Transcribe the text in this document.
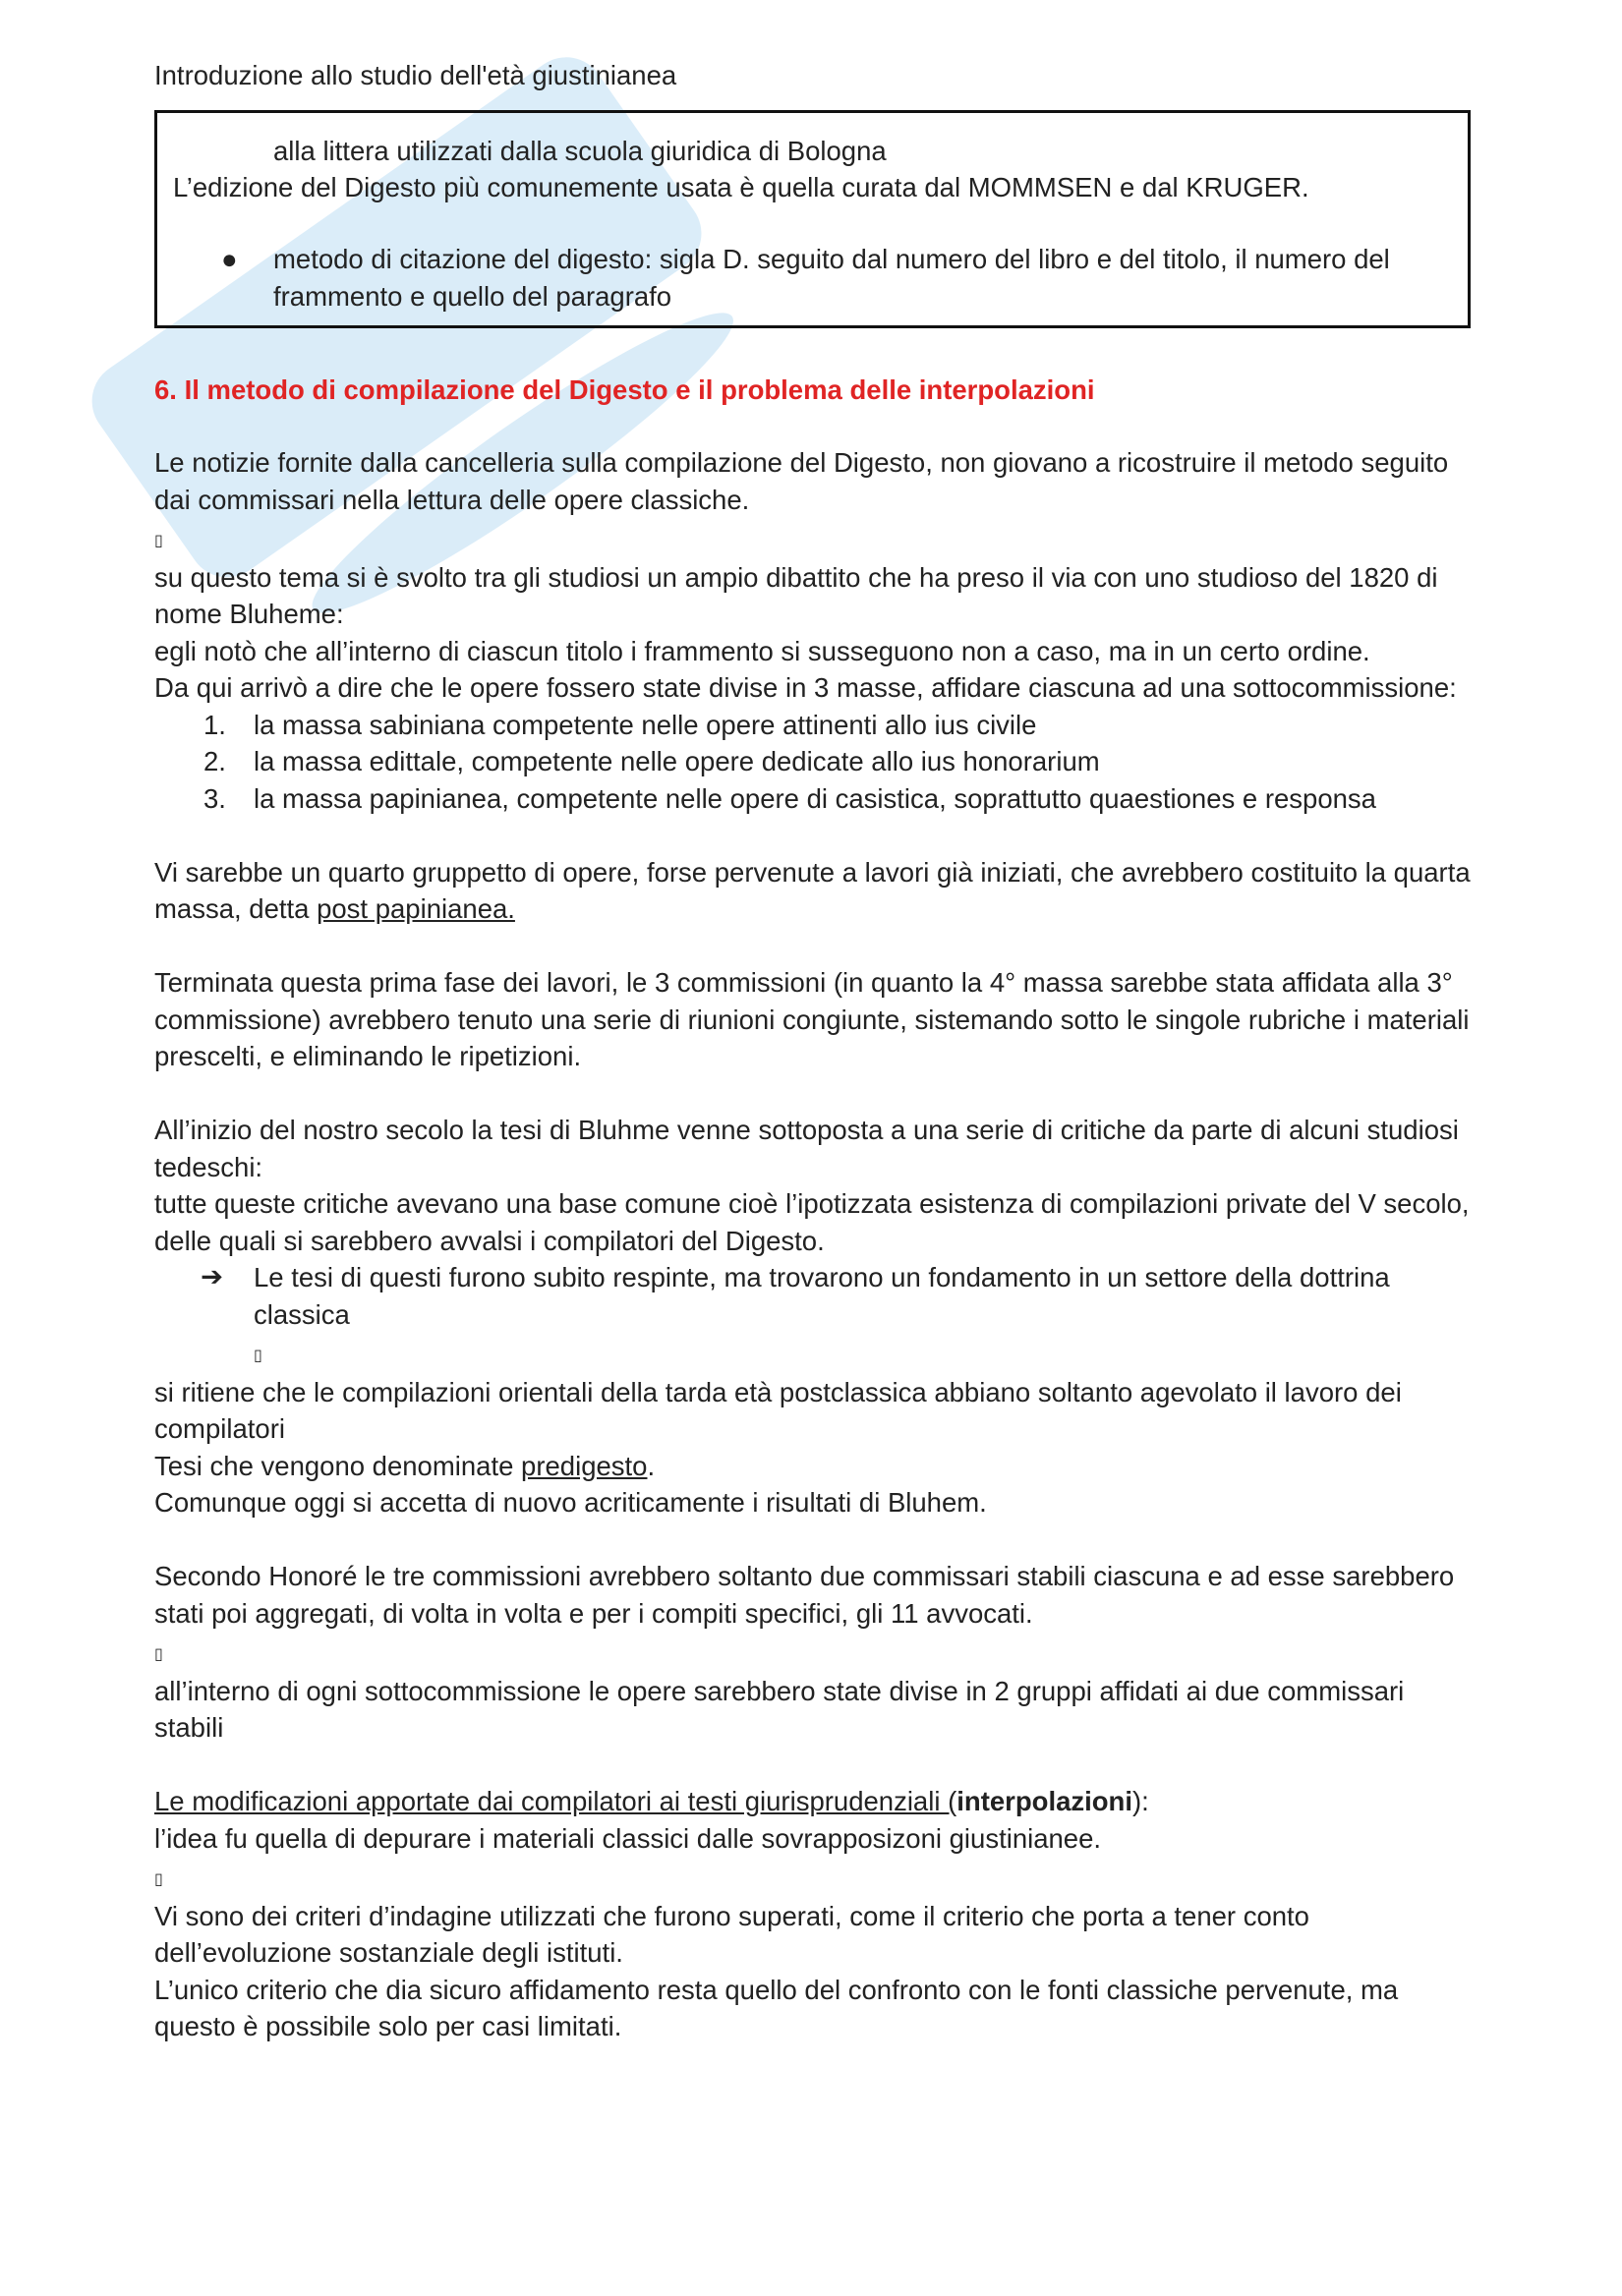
Introduzione allo studio dell'età giustinianea
alla littera utilizzati dalla scuola giuridica di Bologna
L’edizione del Digesto più comunemente usata è quella curata dal MOMMSEN e dal KRUGER.
● metodo di citazione del digesto: sigla D. seguito dal numero del libro e del titolo, il numero del frammento e quello del paragrafo
6. Il metodo di compilazione del Digesto e il problema delle interpolazioni

Le notizie fornite dalla cancelleria sulla compilazione del Digesto, non giovano a ricostruire il metodo seguito dai commissari nella lettura delle opere classiche.

▯

su questo tema si è svolto tra gli studiosi un ampio dibattito che ha preso il via con uno studioso del 1820 di nome Bluheme:

egli notò che all’interno di ciascun titolo i frammento si susseguono non a caso, ma in un certo ordine.

Da qui arrivò a dire che le opere fossero state divise in 3 masse, affidare ciascuna ad una sottocommissione:

1. la massa sabiniana competente nelle opere attinenti allo ius civile
2. la massa edittale, competente nelle opere dedicate allo ius honorarium
3. la massa papinianea, competente nelle opere di casistica, soprattutto quaestiones e responsa

Vi sarebbe un quarto gruppetto di opere, forse pervenute a lavori già iniziati, che avrebbero costituito la quarta massa, detta post papinianea.

Terminata questa prima fase dei lavori, le 3 commissioni (in quanto la 4° massa sarebbe stata affidata alla 3° commissione) avrebbero tenuto una serie di riunioni congiunte, sistemando sotto le singole rubriche i materiali prescelti, e eliminando le ripetizioni.

All’inizio del nostro secolo la tesi di Bluhme venne sottoposta a una serie di critiche da parte di alcuni studiosi tedeschi:

tutte queste critiche avevano una base comune cioè l’ipotizzata esistenza di compilazioni private del V secolo, delle quali si sarebbero avvalsi i compilatori del Digesto.

➔ Le tesi di questi furono subito respinte, ma trovarono un fondamento in un settore della dottrina classica

▯

si ritiene che le compilazioni orientali della tarda età postclassica abbiano soltanto agevolato il lavoro dei compilatori

Tesi che vengono denominate predigesto.

Comunque oggi si accetta di nuovo acriticamente i risultati di Bluhem.

Secondo Honoré le tre commissioni avrebbero soltanto due commissari stabili ciascuna e ad esse sarebbero stati poi aggregati, di volta in volta e per i compiti specifici, gli 11 avvocati.

▯

all’interno di ogni sottocommissione le opere sarebbero state divise in 2 gruppi affidati ai due commissari stabili

Le modificazioni apportate dai compilatori ai testi giurisprudenziali (interpolazioni):

l’idea fu quella di depurare i materiali classici dalle sovrapposizoni giustinianee.

▯

Vi sono dei criteri d’indagine utilizzati che furono superati, come il criterio che porta a tener conto dell’evoluzione sostanziale degli istituti.

L’unico criterio che dia sicuro affidamento resta quello del confronto con le fonti classiche pervenute, ma questo è possibile solo per casi limitati.
